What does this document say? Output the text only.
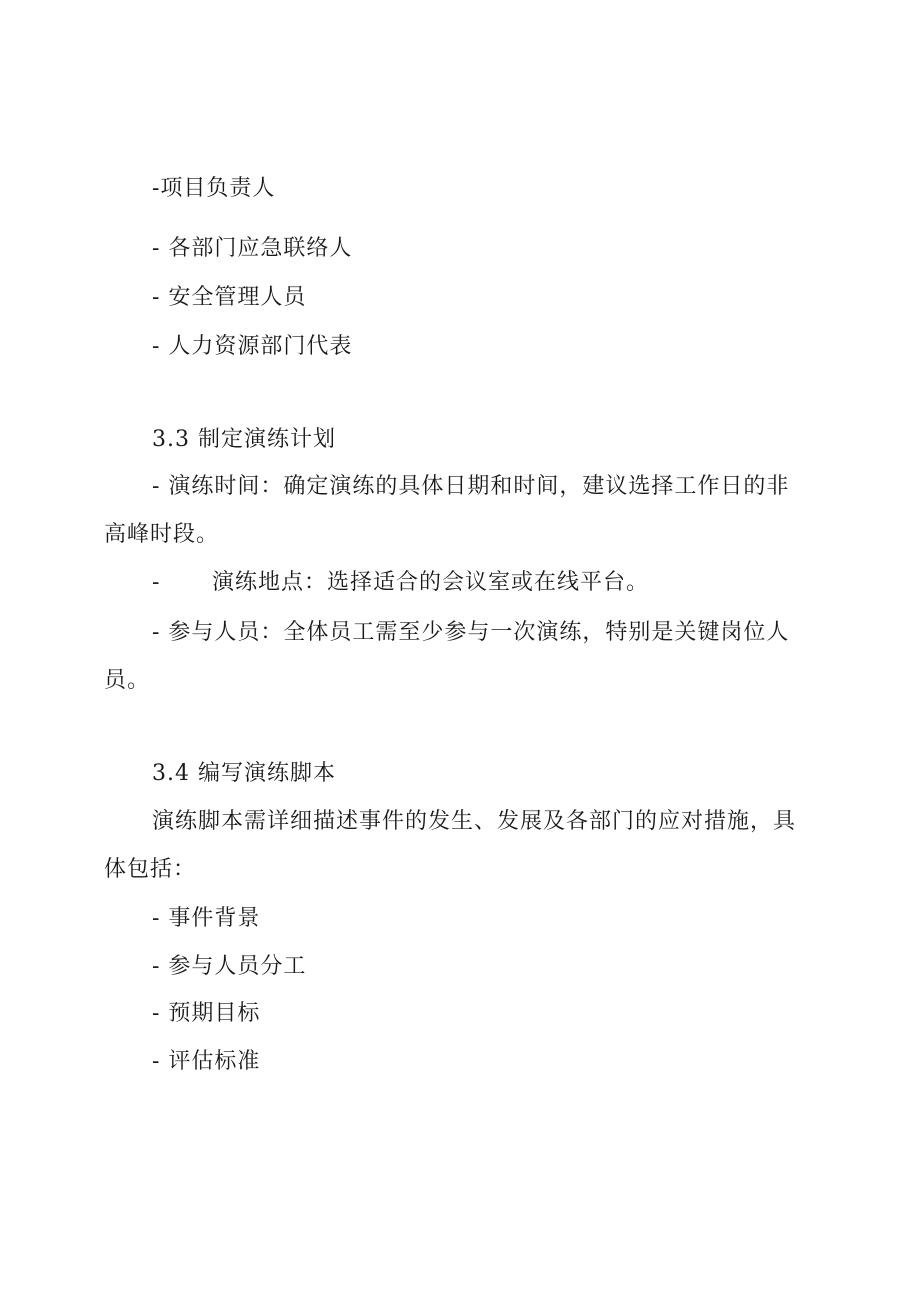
-项目负责人
- 各部门应急联络人
- 安全管理人员
- 人力资源部门代表
3.3 制定演练计划
- 演练时间：确定演练的具体日期和时间，建议选择工作日的非
高峰时段。
- 演练地点：选择适合的会议室或在线平台。
- 参与人员：全体员工需至少参与一次演练，特别是关键岗位人
员。
3.4 编写演练脚本
演练脚本需详细描述事件的发生、发展及各部门的应对措施，具
体包括：
- 事件背景
- 参与人员分工
- 预期目标
- 评估标准
